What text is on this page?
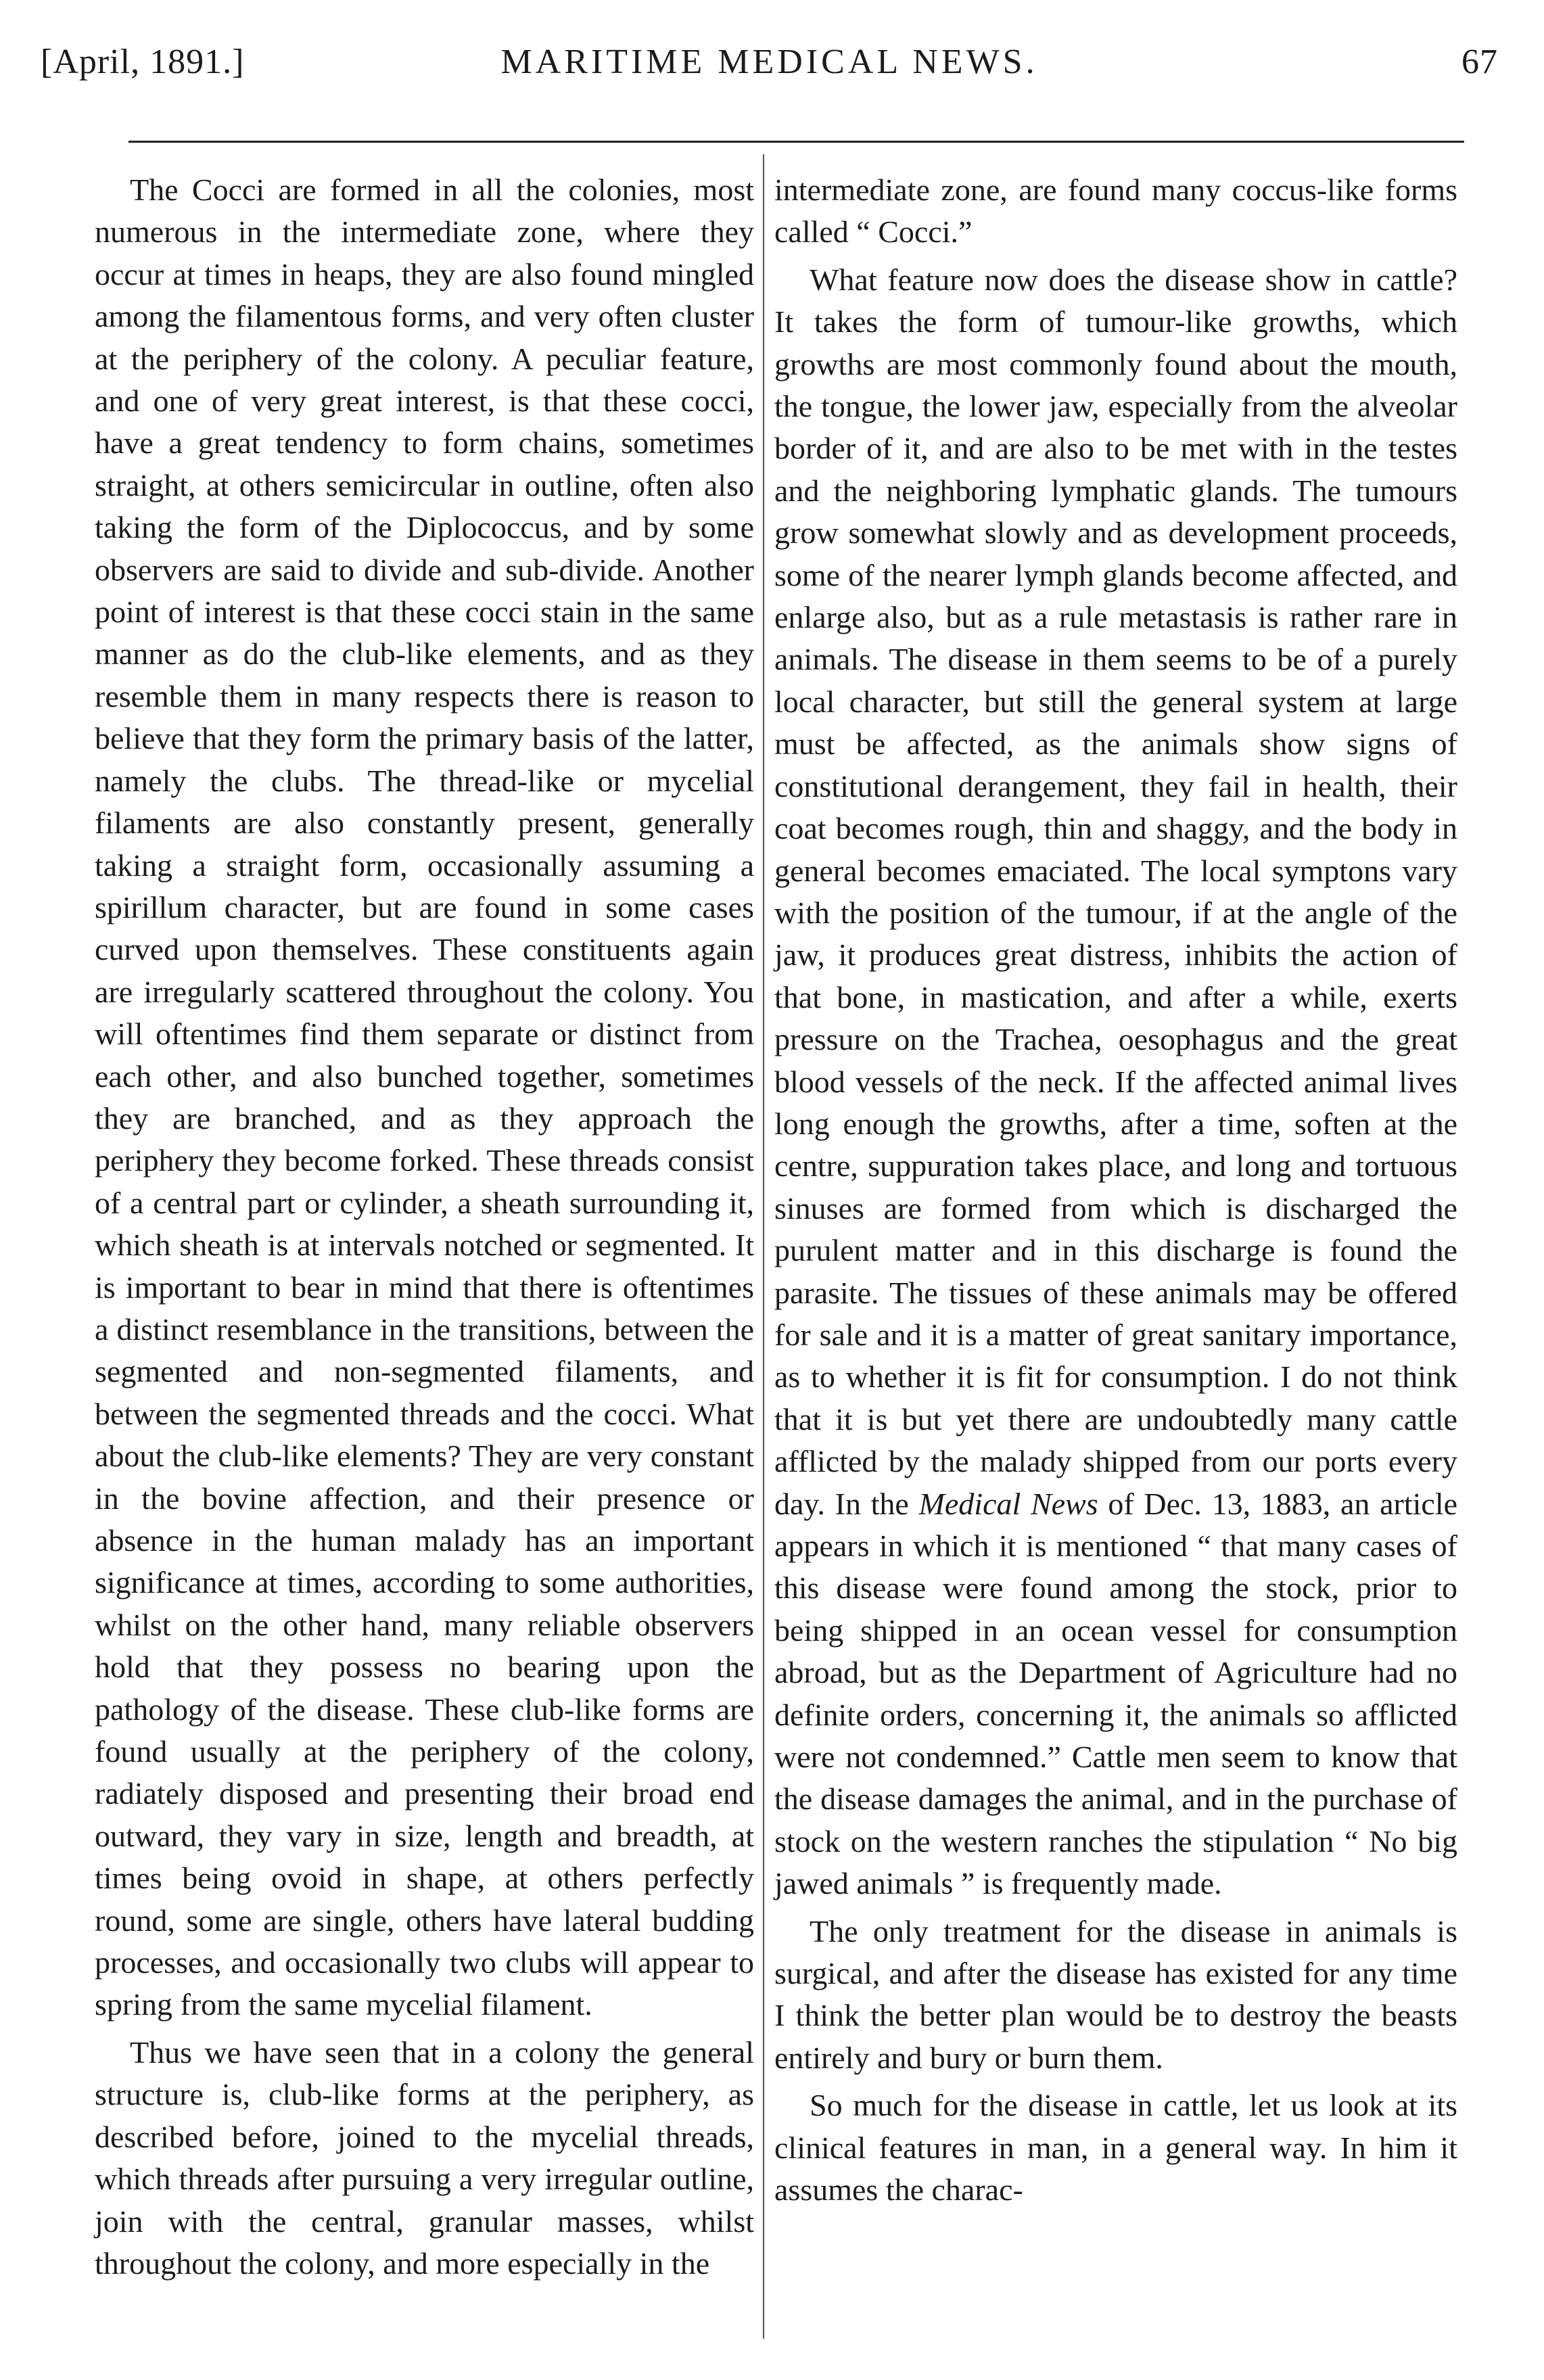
[April, 1891.]	MARITIME MEDICAL NEWS.	67

The Cocci are formed in all the colonies, most numerous in the intermediate zone, where they occur at times in heaps, they are also found mingled among the filamentous forms, and very often cluster at the periphery of the colony. A peculiar feature, and one of very great interest, is that these cocci, have a great tendency to form chains, sometimes straight, at others semicircular in outline, often also taking the form of the Diplococcus, and by some observers are said to divide and sub-divide. Another point of interest is that these cocci stain in the same manner as do the club-like elements, and as they resemble them in many respects there is reason to believe that they form the primary basis of the latter, namely the clubs. The thread-like or mycelial filaments are also constantly present, generally taking a straight form, occasionally assuming a spirillum character, but are found in some cases curved upon themselves. These constituents again are irregularly scattered throughout the colony. You will oftentimes find them separate or distinct from each other, and also bunched together, sometimes they are branched, and as they approach the periphery they become forked. These threads consist of a central part or cylinder, a sheath surrounding it, which sheath is at intervals notched or segmented. It is important to bear in mind that there is oftentimes a distinct resemblance in the transitions, between the segmented and non-segmented filaments, and between the segmented threads and the cocci. What about the club-like elements? They are very constant in the bovine affection, and their presence or absence in the human malady has an important significance at times, according to some authorities, whilst on the other hand, many reliable observers hold that they possess no bearing upon the pathology of the disease. These club-like forms are found usually at the periphery of the colony, radiately disposed and presenting their broad end outward, they vary in size, length and breadth, at times being ovoid in shape, at others perfectly round, some are single, others have lateral budding processes, and occasionally two clubs will appear to spring from the same mycelial filament.

Thus we have seen that in a colony the general structure is, club-like forms at the periphery, as described before, joined to the mycelial threads, which threads after pursuing a very irregular outline, join with the central, granular masses, whilst throughout the colony, and more especially in the

intermediate zone, are found many coccus-like forms called “ Cocci.”

What feature now does the disease show in cattle? It takes the form of tumour-like growths, which growths are most commonly found about the mouth, the tongue, the lower jaw, especially from the alveolar border of it, and are also to be met with in the testes and the neighboring lymphatic glands. The tumours grow somewhat slowly and as development proceeds, some of the nearer lymph glands become affected, and enlarge also, but as a rule metastasis is rather rare in animals. The disease in them seems to be of a purely local character, but still the general system at large must be affected, as the animals show signs of constitutional derangement, they fail in health, their coat becomes rough, thin and shaggy, and the body in general becomes emaciated. The local symptons vary with the position of the tumour, if at the angle of the jaw, it produces great distress, inhibits the action of that bone, in mastication, and after a while, exerts pressure on the Trachea, oesophagus and the great blood vessels of the neck. If the affected animal lives long enough the growths, after a time, soften at the centre, suppuration takes place, and long and tortuous sinuses are formed from which is discharged the purulent matter and in this discharge is found the parasite. The tissues of these animals may be offered for sale and it is a matter of great sanitary importance, as to whether it is fit for consumption. I do not think that it is but yet there are undoubtedly many cattle afflicted by the malady shipped from our ports every day. In the Medical News of Dec. 13, 1883, an article appears in which it is mentioned “ that many cases of this disease were found among the stock, prior to being shipped in an ocean vessel for consumption abroad, but as the Department of Agriculture had no definite orders, concerning it, the animals so afflicted were not condemned.” Cattle men seem to know that the disease damages the animal, and in the purchase of stock on the western ranches the stipulation “ No big jawed animals ” is frequently made.

The only treatment for the disease in animals is surgical, and after the disease has existed for any time I think the better plan would be to destroy the beasts entirely and bury or burn them.

So much for the disease in cattle, let us look at its clinical features in man, in a general way. In him it assumes the charac-
